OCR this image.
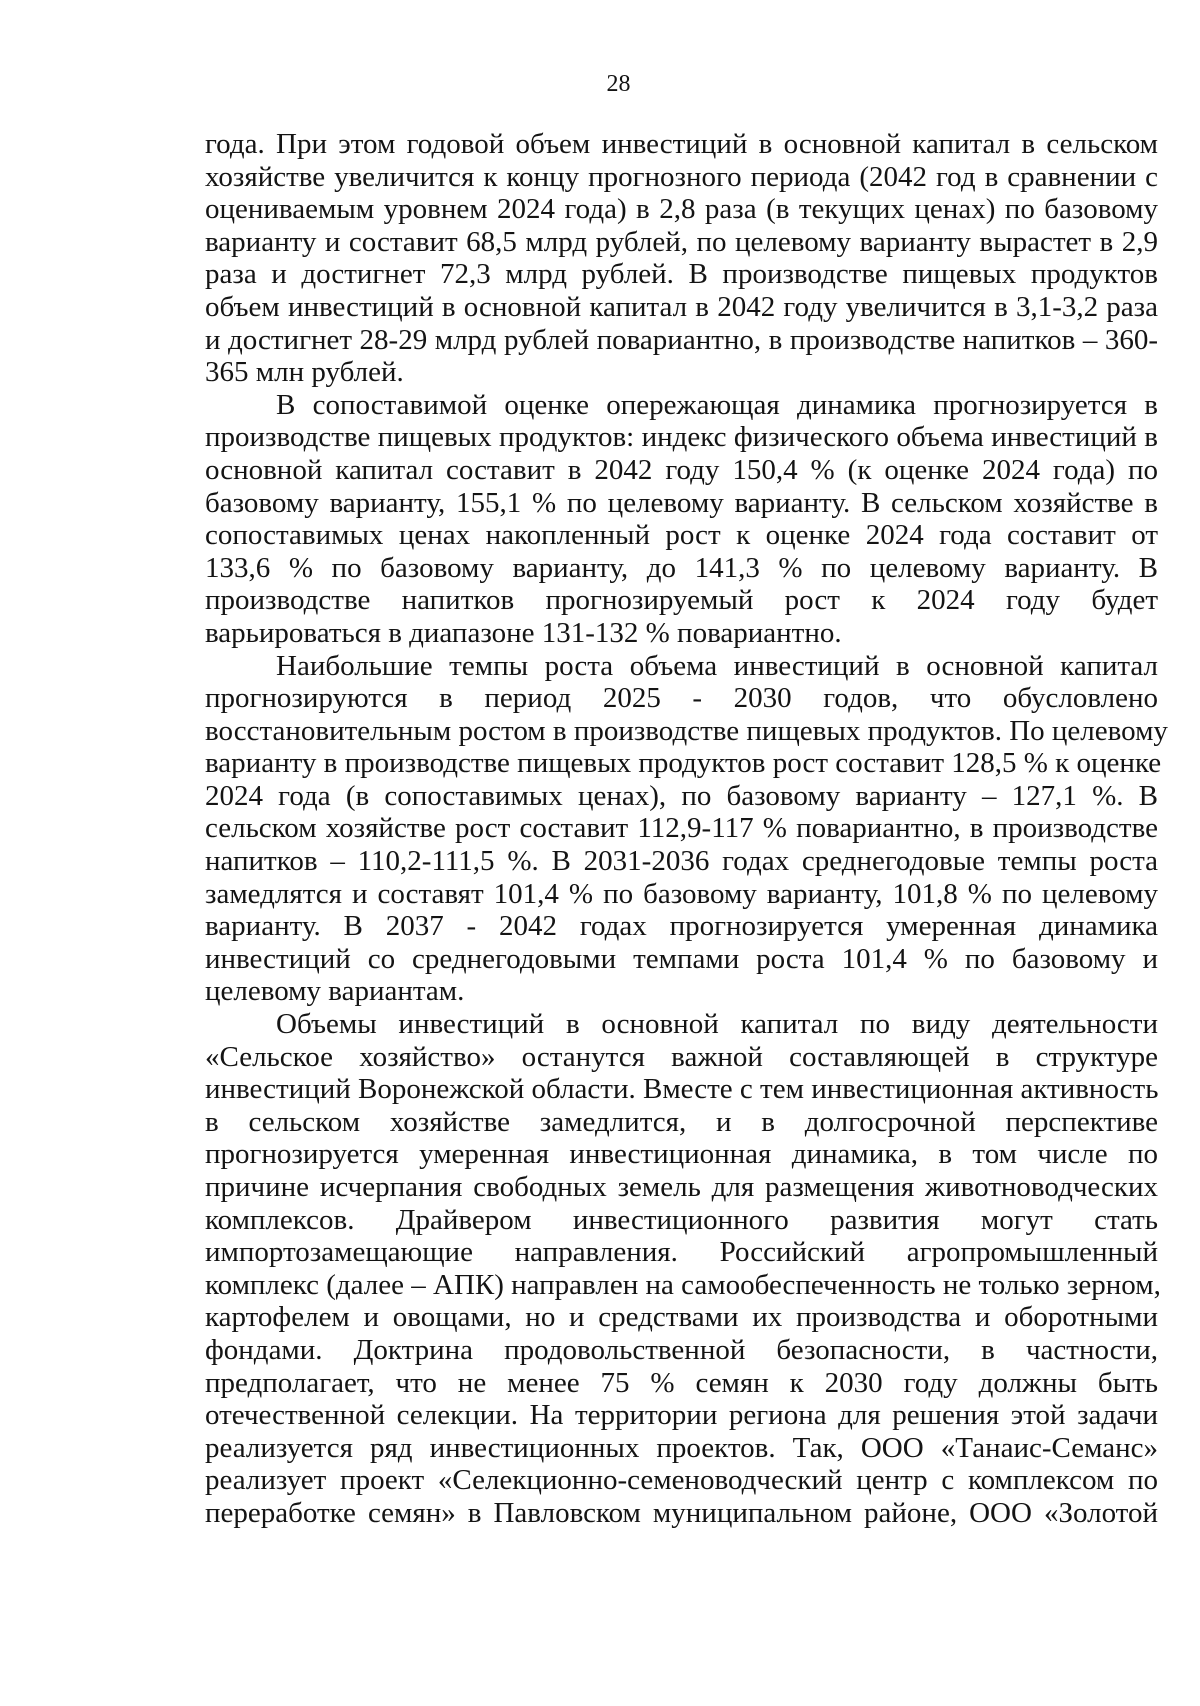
28
года. При этом годовой объем инвестиций в основной капитал в сельском
хозяйстве увеличится к концу прогнозного периода (2042 год в сравнении с
оцениваемым уровнем 2024 года) в 2,8 раза (в текущих ценах) по базовому
варианту и составит 68,5 млрд рублей, по целевому варианту вырастет в 2,9
раза и достигнет 72,3 млрд рублей. В производстве пищевых продуктов
объем инвестиций в основной капитал в 2042 году увеличится в 3,1-3,2 раза
и достигнет 28-29 млрд рублей повариантно, в производстве напитков – 360-
365 млн рублей.
В сопоставимой оценке опережающая динамика прогнозируется в
производстве пищевых продуктов: индекс физического объема инвестиций в
основной капитал составит в 2042 году 150,4 % (к оценке 2024 года) по
базовому варианту, 155,1 % по целевому варианту. В сельском хозяйстве в
сопоставимых ценах накопленный рост к оценке 2024 года составит от
133,6 % по базовому варианту, до 141,3 % по целевому варианту. В
производстве напитков прогнозируемый рост к 2024 году будет
варьироваться в диапазоне 131-132 % повариантно.
Наибольшие темпы роста объема инвестиций в основной капитал
прогнозируются в период 2025 - 2030 годов, что обусловлено
восстановительным ростом в производстве пищевых продуктов. По целевому
варианту в производстве пищевых продуктов рост составит 128,5 % к оценке
2024 года (в сопоставимых ценах), по базовому варианту – 127,1 %. В
сельском хозяйстве рост составит 112,9-117 % повариантно, в производстве
напитков – 110,2-111,5 %. В 2031-2036 годах среднегодовые темпы роста
замедлятся и составят 101,4 % по базовому варианту, 101,8 % по целевому
варианту. В 2037 - 2042 годах прогнозируется умеренная динамика
инвестиций со среднегодовыми темпами роста 101,4 % по базовому и
целевому вариантам.
Объемы инвестиций в основной капитал по виду деятельности
«Сельское хозяйство» останутся важной составляющей в структуре
инвестиций Воронежской области. Вместе с тем инвестиционная активность
в сельском хозяйстве замедлится, и в долгосрочной перспективе
прогнозируется умеренная инвестиционная динамика, в том числе по
причине исчерпания свободных земель для размещения животноводческих
комплексов. Драйвером инвестиционного развития могут стать
импортозамещающие направления. Российский агропромышленный
комплекс (далее – АПК) направлен на самообеспеченность не только зерном,
картофелем и овощами, но и средствами их производства и оборотными
фондами. Доктрина продовольственной безопасности, в частности,
предполагает, что не менее 75 % семян к 2030 году должны быть
отечественной селекции. На территории региона для решения этой задачи
реализуется ряд инвестиционных проектов. Так, ООО «Танаис-Семанс»
реализует проект «Селекционно-семеноводческий центр с комплексом по
переработке семян» в Павловском муниципальном районе, ООО «Золотой
